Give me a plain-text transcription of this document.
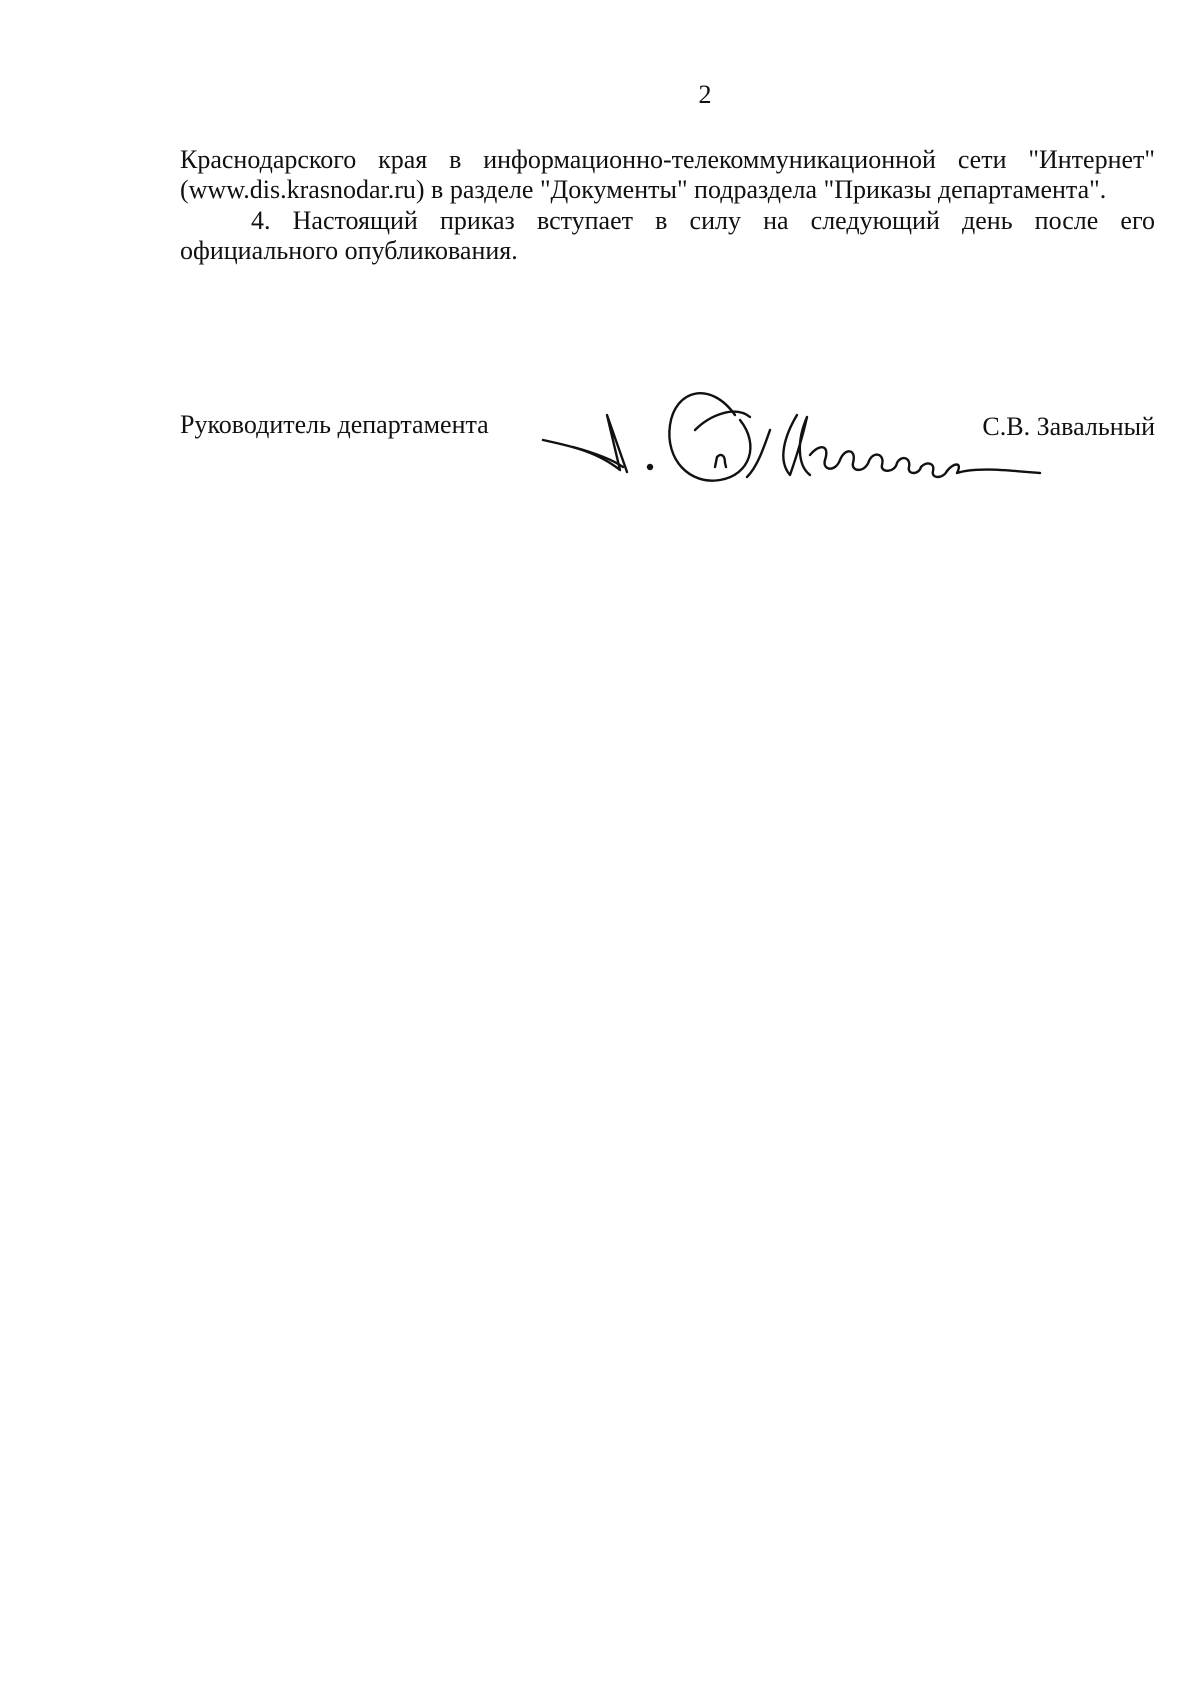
2

Краснодарского края в информационно-телекоммуникационной сети "Интернет" (www.dis.krasnodar.ru) в разделе "Документы" подраздела "Приказы департамента".

4. Настоящий приказ вступает в силу на следующий день после его официального опубликования.

Руководитель департамента	С.В. Завальный
